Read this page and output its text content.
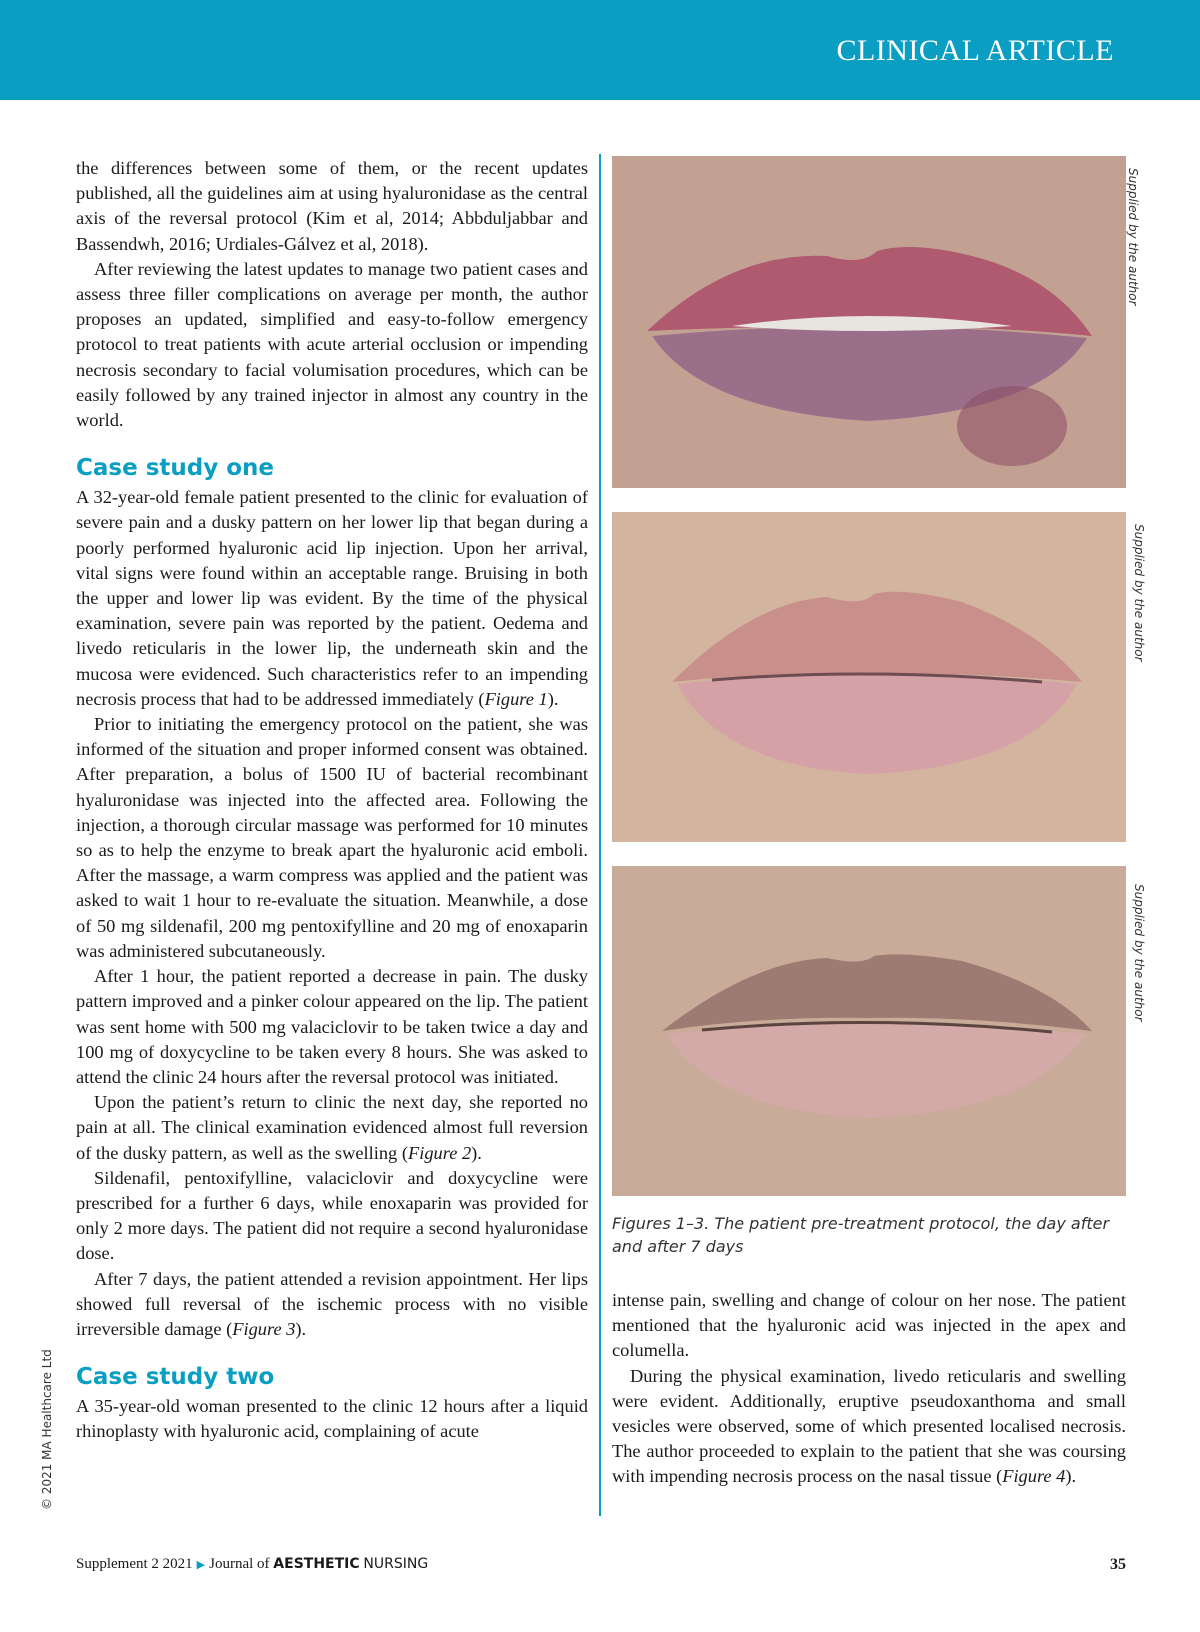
CLINICAL ARTICLE

the differences between some of them, or the recent updates published, all the guidelines aim at using hyaluronidase as the central axis of the reversal protocol (Kim et al, 2014; Abbduljabbar and Bassendwh, 2016; Urdiales-Gálvez et al, 2018).

After reviewing the latest updates to manage two patient cases and assess three filler complications on average per month, the author proposes an updated, simplified and easy-to-follow emergency protocol to treat patients with acute arterial occlusion or impending necrosis secondary to facial volumisation procedures, which can be easily followed by any trained injector in almost any country in the world.

Case study one

A 32-year-old female patient presented to the clinic for evaluation of severe pain and a dusky pattern on her lower lip that began during a poorly performed hyaluronic acid lip injection. Upon her arrival, vital signs were found within an acceptable range. Bruising in both the upper and lower lip was evident. By the time of the physical examination, severe pain was reported by the patient. Oedema and livedo reticularis in the lower lip, the underneath skin and the mucosa were evidenced. Such characteristics refer to an impending necrosis process that had to be addressed immediately (Figure 1).

Prior to initiating the emergency protocol on the patient, she was informed of the situation and proper informed consent was obtained. After preparation, a bolus of 1500 IU of bacterial recombinant hyaluronidase was injected into the affected area. Following the injection, a thorough circular massage was performed for 10 minutes so as to help the enzyme to break apart the hyaluronic acid emboli. After the massage, a warm compress was applied and the patient was asked to wait 1 hour to re-evaluate the situation. Meanwhile, a dose of 50 mg sildenafil, 200 mg pentoxifylline and 20 mg of enoxaparin was administered subcutaneously.

After 1 hour, the patient reported a decrease in pain. The dusky pattern improved and a pinker colour appeared on the lip. The patient was sent home with 500 mg valaciclovir to be taken twice a day and 100 mg of doxycycline to be taken every 8 hours. She was asked to attend the clinic 24 hours after the reversal protocol was initiated.

Upon the patient’s return to clinic the next day, she reported no pain at all. The clinical examination evidenced almost full reversion of the dusky pattern, as well as the swelling (Figure 2).

Sildenafil, pentoxifylline, valaciclovir and doxycycline were prescribed for a further 6 days, while enoxaparin was provided for only 2 more days. The patient did not require a second hyaluronidase dose.

After 7 days, the patient attended a revision appointment. Her lips showed full reversal of the ischemic process with no visible irreversible damage (Figure 3).

Case study two

A 35-year-old woman presented to the clinic 12 hours after a liquid rhinoplasty with hyaluronic acid, complaining of acute

Supplied by the author
Supplied by the author
Supplied by the author
Figures 1–3. The patient pre-treatment protocol, the day after and after 7 days

intense pain, swelling and change of colour on her nose. The patient mentioned that the hyaluronic acid was injected in the apex and columella.

During the physical examination, livedo reticularis and swelling were evident. Additionally, eruptive pseudoxanthoma and small vesicles were observed, some of which presented localised necrosis. The author proceeded to explain to the patient that she was coursing with impending necrosis process on the nasal tissue (Figure 4).

© 2021 MA Healthcare Ltd
Supplement 2 2021 ▶ Journal of AESTHETIC NURSING	35
